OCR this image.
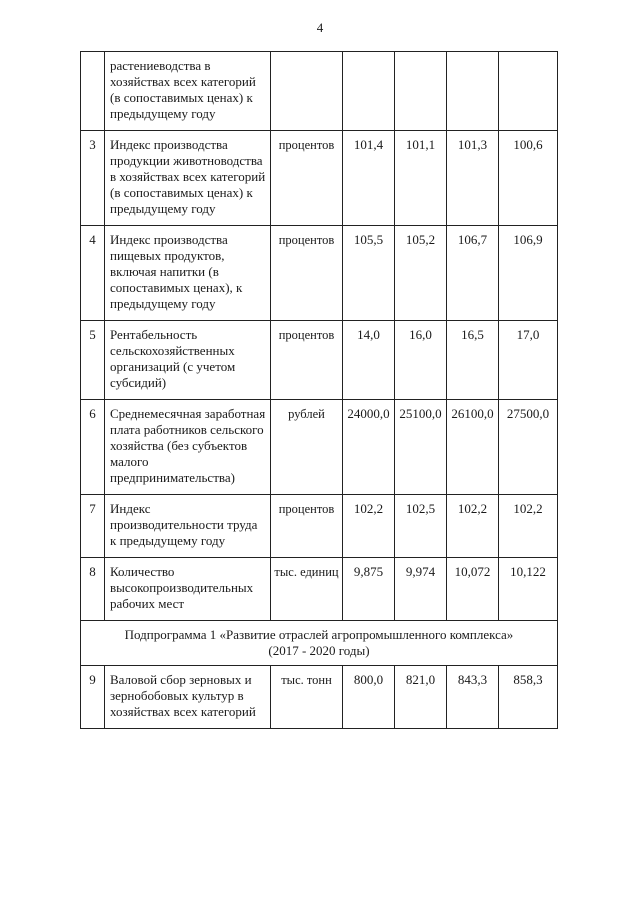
4
	растениеводства в хозяйствах всех категорий (в сопоставимых ценах) к предыдущему году					
3	Индекс производства продукции животноводства в хозяйствах всех категорий (в сопоставимых ценах) к предыдущему году	процентов	101,4	101,1	101,3	100,6
4	Индекс производства пищевых продуктов, включая напитки (в сопоставимых ценах), к предыдущему году	процентов	105,5	105,2	106,7	106,9
5	Рентабельность сельскохозяйственных организаций (с учетом субсидий)	процентов	14,0	16,0	16,5	17,0
6	Среднемесячная заработная плата работников сельского хозяйства (без субъектов малого предпринимательства)	рублей	24000,0	25100,0	26100,0	27500,0
7	Индекс производительности труда к предыдущему году	процентов	102,2	102,5	102,2	102,2
8	Количество высокопроизводительных рабочих мест	тыс. единиц	9,875	9,974	10,072	10,122

Подпрограмма 1 «Развитие отраслей агропромышленного комплекса»
(2017 - 2020 годы)						

9	Валовой сбор зерновых и зернобобовых культур в хозяйствах всех категорий	тыс. тонн	800,0	821,0	843,3	858,3
